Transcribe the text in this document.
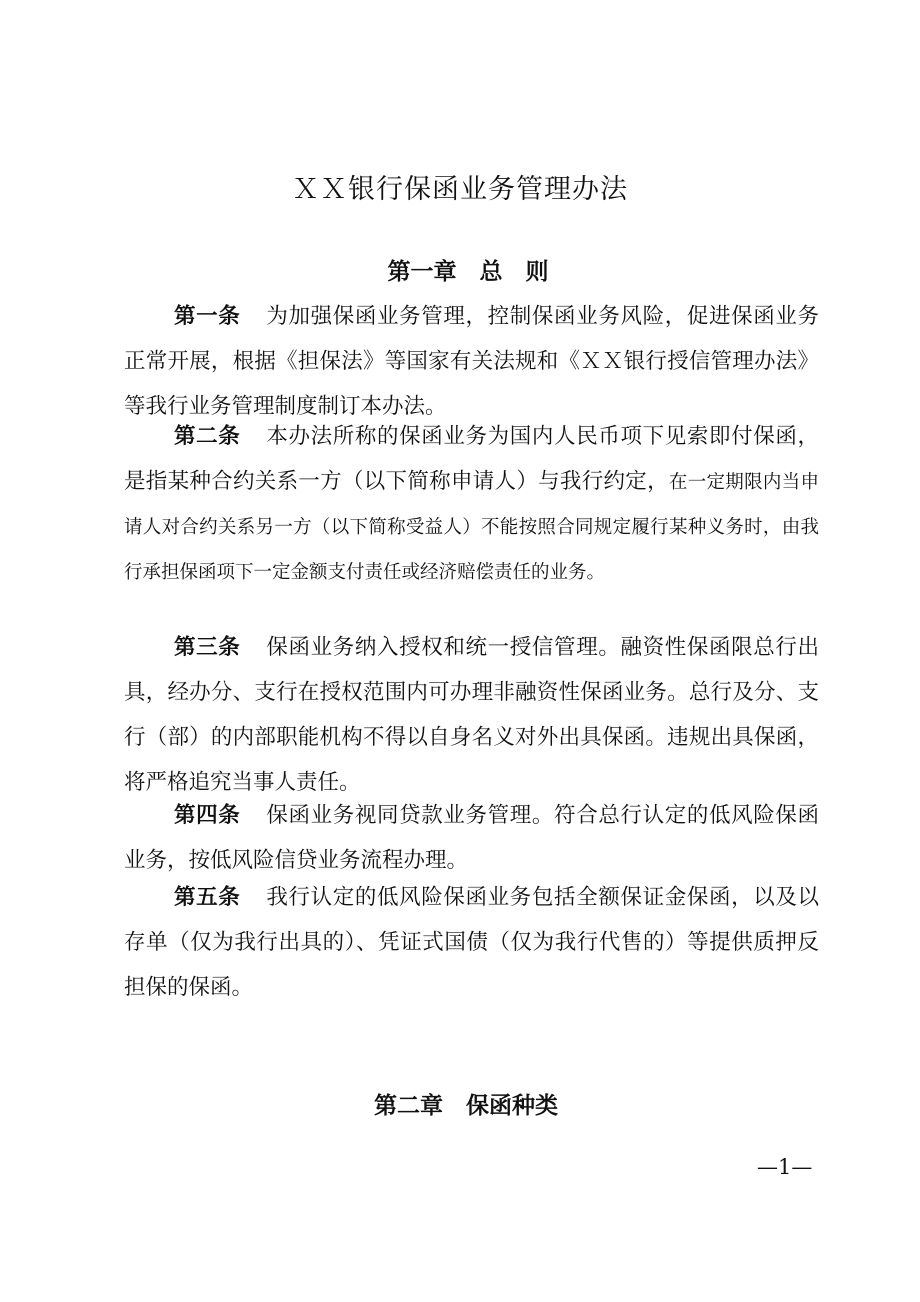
ＸＸ银行保函业务管理办法
第一章　总　则
第一条 为加强保函业务管理，控制保函业务风险，促进保函业务正常开展，根据《担保法》等国家有关法规和《ＸＸ银行授信管理办法》等我行业务管理制度制订本办法。
第二条 本办法所称的保函业务为国内人民币项下见索即付保函，是指某种合约关系一方（以下简称申请人）与我行约定，在一定期限内当申请人对合约关系另一方（以下简称受益人）不能按照合同规定履行某种义务时，由我行承担保函项下一定金额支付责任或经济赔偿责任的业务。
第三条 保函业务纳入授权和统一授信管理。融资性保函限总行出具，经办分、支行在授权范围内可办理非融资性保函业务。总行及分、支行（部）的内部职能机构不得以自身名义对外出具保函。违规出具保函，将严格追究当事人责任。
第四条 保函业务视同贷款业务管理。符合总行认定的低风险保函业务，按低风险信贷业务流程办理。
第五条 我行认定的低风险保函业务包括全额保证金保函，以及以存单（仅为我行出具的）、凭证式国债（仅为我行代售的）等提供质押反担保的保函。
第二章　保函种类
—1—
